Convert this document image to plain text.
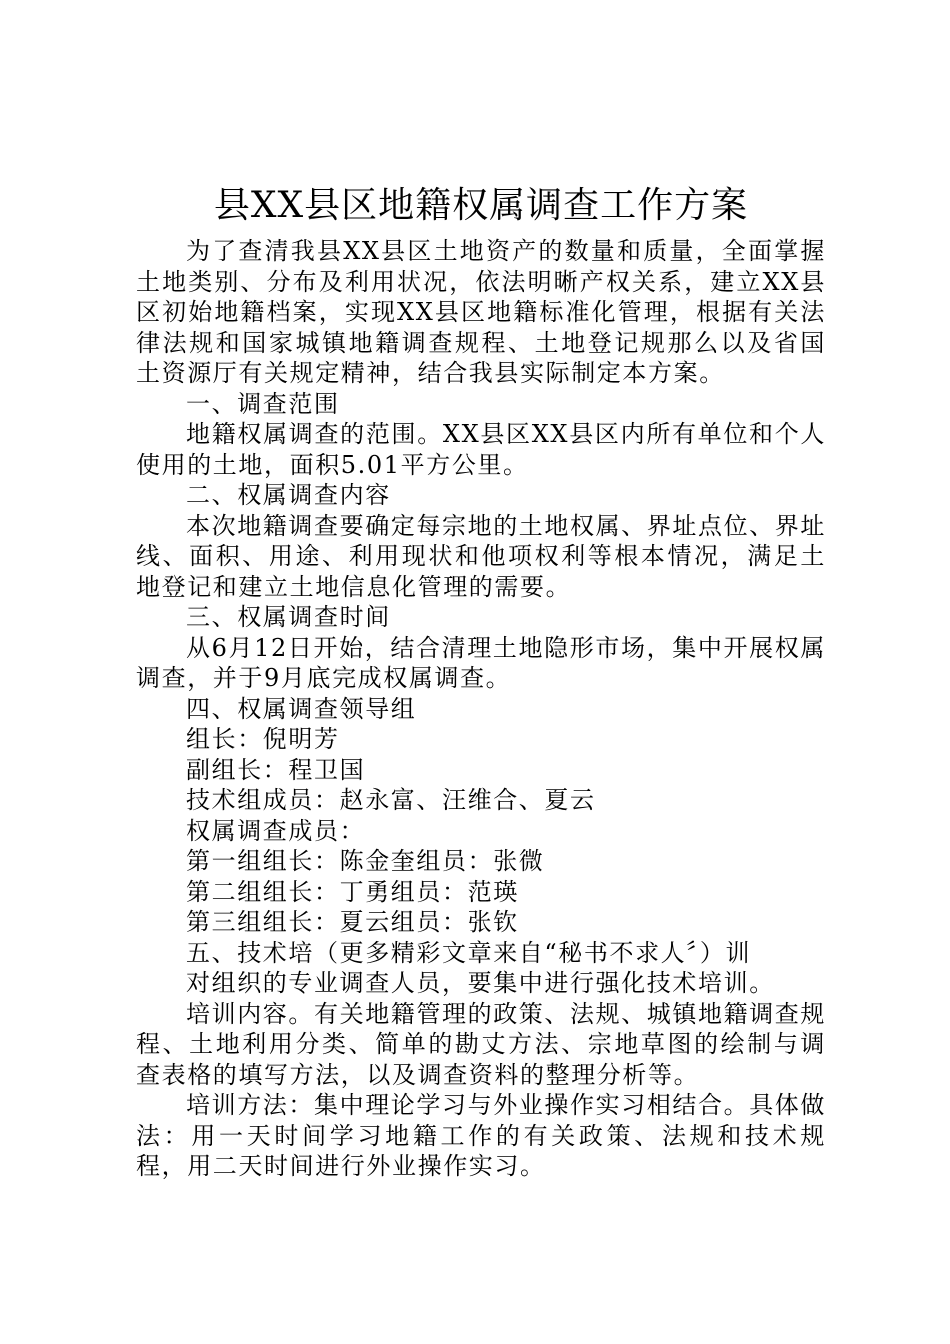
县XX县区地籍权属调查工作方案

为了查清我县XX县区土地资产的数量和质量，全面掌握土地类别、分布及利用状况，依法明晰产权关系，建立XX县区初始地籍档案，实现XX县区地籍标准化管理，根据有关法律法规和国家城镇地籍调查规程、土地登记规那么以及省国土资源厅有关规定精神，结合我县实际制定本方案。

一、调查范围

地籍权属调查的范围。XX县区XX县区内所有单位和个人使用的土地，面积5.01平方公里。

二、权属调查内容

本次地籍调查要确定每宗地的土地权属、界址点位、界址线、面积、用途、利用现状和他项权利等根本情况，满足土地登记和建立土地信息化管理的需要。

三、权属调查时间

从6月12日开始，结合清理土地隐形市场，集中开展权属调查，并于9月底完成权属调查。

四、权属调查领导组

组长：倪明芳

副组长：程卫国

技术组成员：赵永富、汪维合、夏云

权属调查成员：

第一组组长：陈金奎组员：张微

第二组组长：丁勇组员：范瑛

第三组组长：夏云组员：张钦

五、技术培（更多精彩文章来自“秘书不求人〞）训

对组织的专业调查人员，要集中进行强化技术培训。

培训内容。有关地籍管理的政策、法规、城镇地籍调查规程、土地利用分类、简单的勘丈方法、宗地草图的绘制与调查表格的填写方法，以及调查资料的整理分析等。

培训方法：集中理论学习与外业操作实习相结合。具体做法：用一天时间学习地籍工作的有关政策、法规和技术规程，用二天时间进行外业操作实习。
